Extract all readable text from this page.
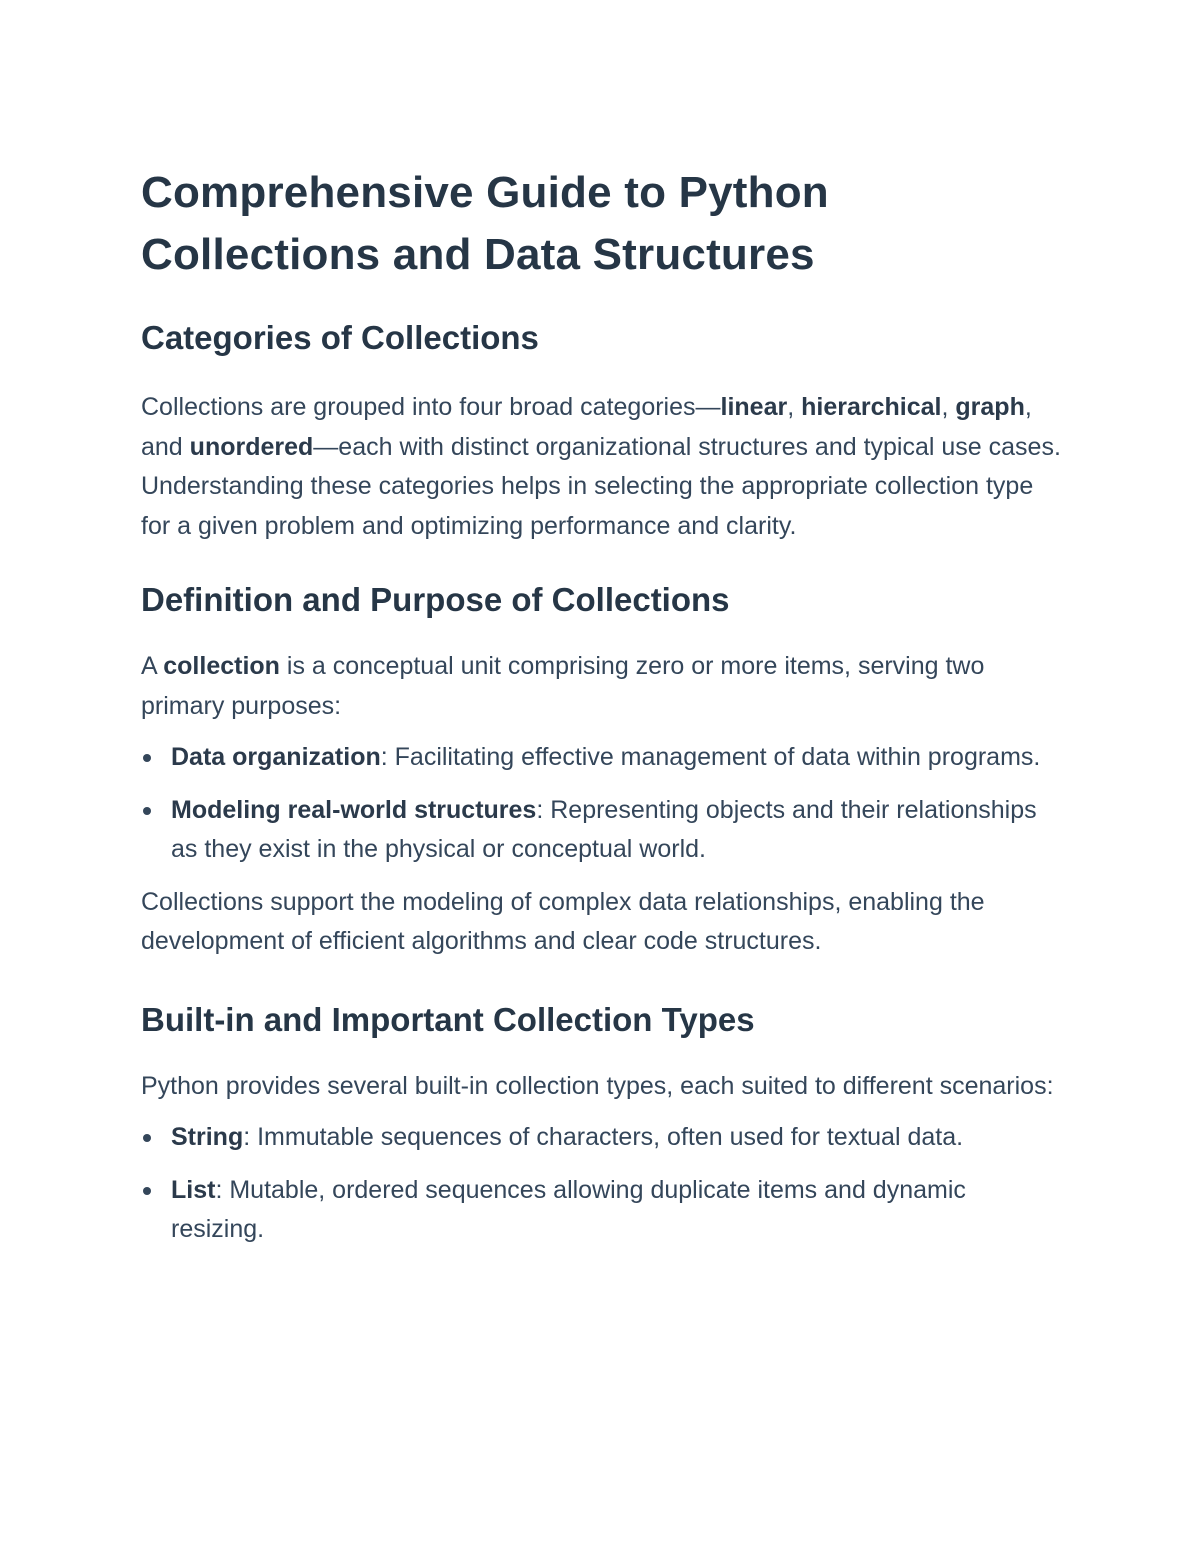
Comprehensive Guide to Python Collections and Data Structures
Categories of Collections

Collections are grouped into four broad categories—linear, hierarchical, graph, and unordered—each with distinct organizational structures and typical use cases. Understanding these categories helps in selecting the appropriate collection type for a given problem and optimizing performance and clarity.

Definition and Purpose of Collections

A collection is a conceptual unit comprising zero or more items, serving two primary purposes:

Data organization: Facilitating effective management of data within programs.
Modeling real-world structures: Representing objects and their relationships as they exist in the physical or conceptual world.

Collections support the modeling of complex data relationships, enabling the development of efficient algorithms and clear code structures.

Built-in and Important Collection Types

Python provides several built-in collection types, each suited to different scenarios:

String: Immutable sequences of characters, often used for textual data.
List: Mutable, ordered sequences allowing duplicate items and dynamic resizing.
